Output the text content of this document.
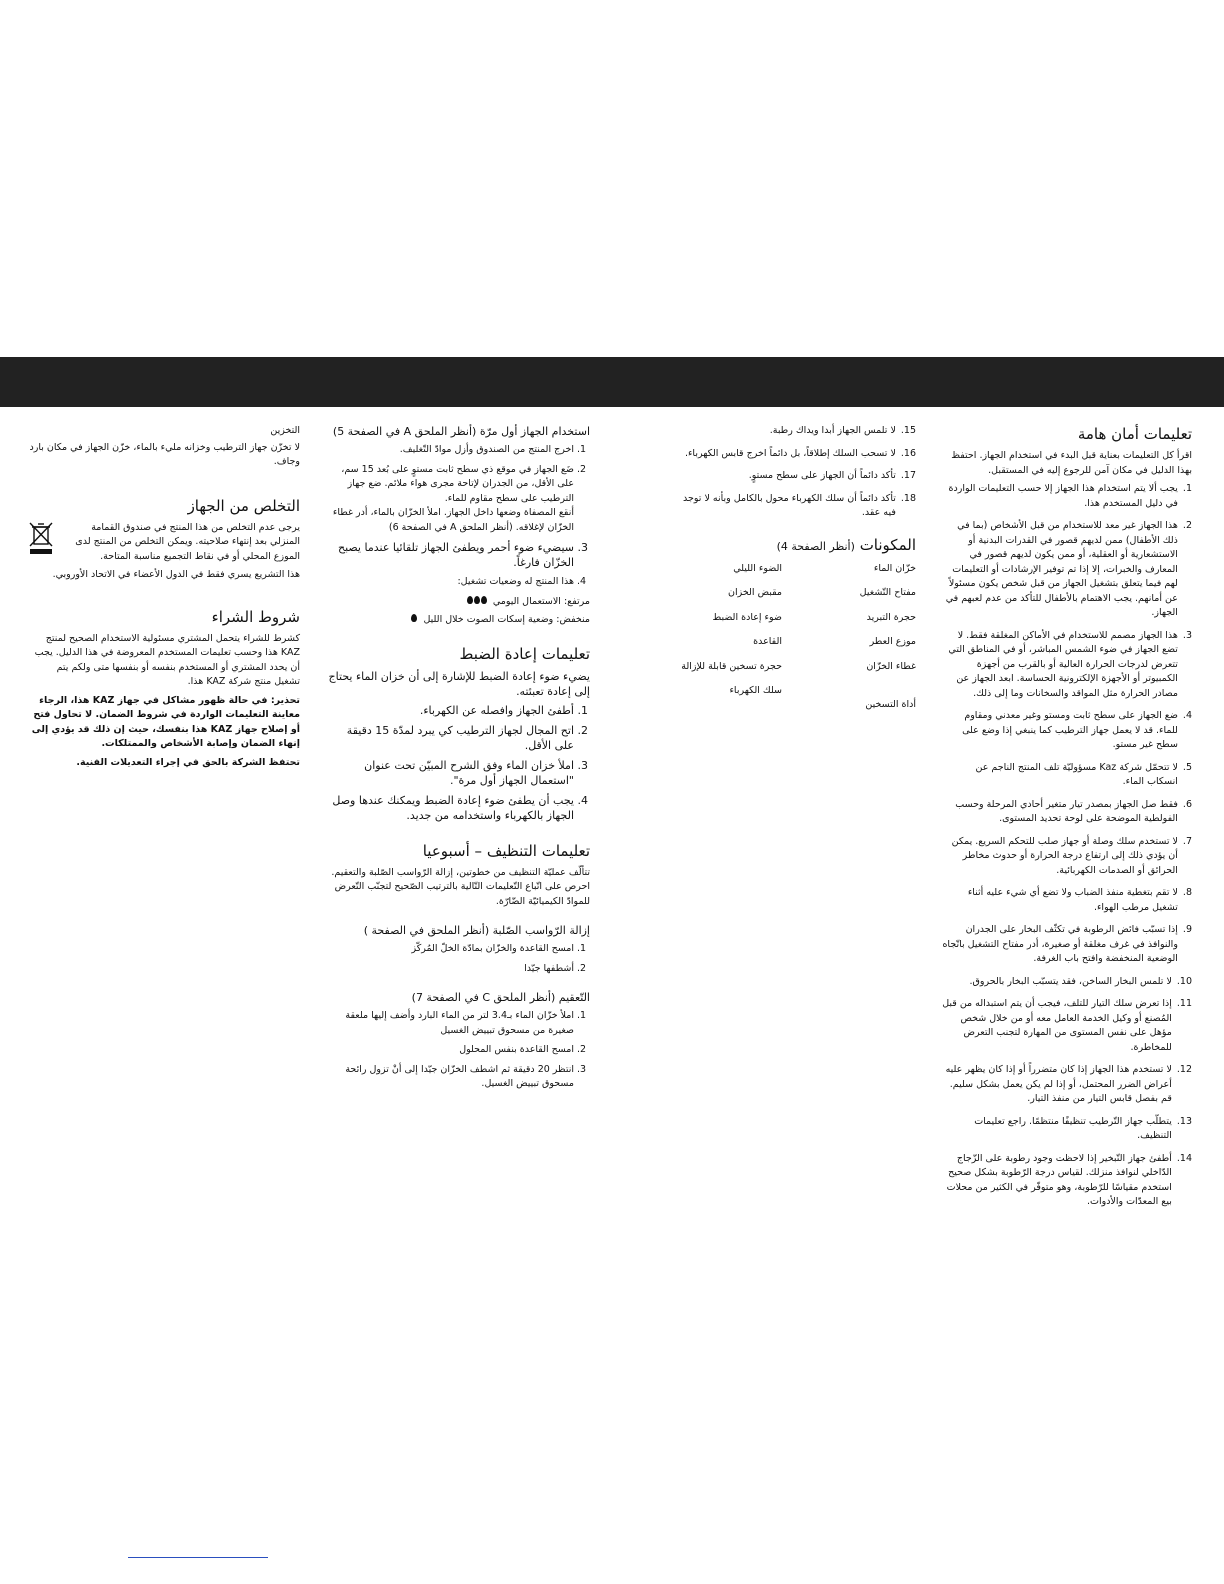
تعليمات أمان هامة

اقرأ كل التعليمات بعناية قبل البدء في استخدام الجهاز. احتفظ بهذا الدليل في مكان آمن للرجوع إليه في المستقبل.

1.
يجب ألا يتم استخدام هذا الجهاز إلا حسب التعليمات الواردة في دليل المستخدم هذا.
2.
هذا الجهاز غير معد للاستخدام من قبل الأشخاص (بما في ذلك الأطفال) ممن لديهم قصور في القدرات البدنية أو الاستشعارية أو العقلية، أو ممن يكون لديهم قصور في المعارف والخبرات، إلا إذا تم توفير الإرشادات أو التعليمات لهم فيما يتعلق بتشغيل الجهاز من قبل شخص يكون مسئولاً عن أمانهم. يجب الاهتمام بالأطفال للتأكد من عدم لعبهم في الجهاز.
3.
هذا الجهاز مصمم للاستخدام في الأماكن المغلقة فقط. لا تضع الجهاز في ضوء الشمس المباشر، أو في المناطق التي تتعرض لدرجات الحرارة العالية أو بالقرب من أجهزة الكمبيوتر أو الأجهزة الإلكترونية الحساسة. ابعد الجهاز عن مصادر الحرارة مثل المواقد والسخانات وما إلى ذلك.
4.
ضع الجهاز على سطح ثابت ومستو وغير معدني ومقاوم للماء. قد لا يعمل جهاز الترطيب كما ينبغي إذا وضع على سطح غير مستو.
5.
لا تتحمّل شركة Kaz مسؤوليّة تلف المنتج الناجم عن انسكاب الماء.
6.
فقط صل الجهاز بمصدر تيار متغير أحادي المرحلة وحسب الفولطية الموضحة على لوحة تحديد المستوى.
7.
لا تستخدم سلك وصلة أو جهاز صلب للتحكم السريع. يمكن أن يؤدي ذلك إلى ارتفاع درجة الحرارة أو حدوث مخاطر الحرائق أو الصدمات الكهربائية.
8.
لا تقم بتغطية منفذ الضباب ولا تضع أي شيء عليه أثناء تشغيل مرطب الهواء.
9.
إذا تسبّب فائض الرطوبة في تكثّف البخار على الجدران والنوافذ في غرف مغلقة أو صغيرة، أدر مفتاح التشغيل باتّجاه الوضعية المنخفضة وافتح باب الغرفة.
10.
لا تلمس البخار الساخن، فقد يتسبّب البخار بالحروق.
11.
إذا تعرض سلك التيار للتلف، فيجب أن يتم استبداله من قبل المُصنع أو وكيل الخدمة العامل معه أو من خلال شخص مؤهل على نفس المستوى من المهارة لتجنب التعرض للمخاطرة.
12.
لا تستخدم هذا الجهاز إذا كان متضرراً أو إذا كان يظهر عليه أعراض الضرر المحتمل، أو إذا لم يكن يعمل بشكل سليم. قم بفصل قابس التيار من منفذ التيار.
13.
يتطلّب جهاز التّرطيب تنظيفًا منتظمًا. راجع تعليمات التنظيف.
14.
أطفئ جهاز التّبخير إذا لاحظت وجود رطوبة على الزّجاج الدّاخلي لنوافذ منزلك. لقياس درجة الرّطوبة بشكل صحيح استخدم مقياسًا للرّطوبة، وهو متوفّر في الكثير من محلات بيع المعدّات والأدوات.
15.
لا تلمس الجهاز أبدا ويداك رطبة.
16.
لا تسحب السلك إطلاقاً، بل دائماً اخرج قابس الكهرباء.
17.
تأكد دائماً أن الجهاز على سطح مستوٍ.
18.
تأكد دائماً أن سلك الكهرباء محول بالكامل وبأنه لا توجد فيه عقد.
المكونات (أنظر الصفحة 4)
خزّان الماء
مفتاح التّشغيل
حجرة التبريد
موزع العطر
غطاء الخزّان
أداة التسخين
الضوء الليلي
مقبض الخزان
ضوء إعادة الضبط
القاعدة
حجرة تسخين قابلة للإزالة
سلك الكهرباء
استخدام الجهاز أول مرّة (أنظر الملحق A في الصفحة 5)
1. اخرج المنتج من الصندوق وأزل موادّ التّغليف.
2. ضَع الجهاز في موقع ذي سطح ثابت مستوٍ على بُعد 15 سم، على الأقل، من الجدران لإتاحة مجرى هواء ملائم. ضع جهاز الترطيب على سطح مقاوم للماء.
أنقع المصفاة وضعها داخل الجهاز. املأ الخزّان بالماء، أدر غطاء الخزّان لإغلاقه. (أنظر الملحق A في الصفحة 6)
3. سيضيء ضوء أحمر ويطفئ الجهاز تلقائيا عندما يصبح الخزّان فارغاً.
4. هذا المنتج له وضعيات تشغيل:
مرتفع: الاستعمال اليومي
منخفض: وضعية إسكات الصوت خلال الليل
تعليمات إعادة الضبط

يضيء ضوء إعادة الضبط للإشارة إلى أن خزان الماء يحتاج إلى إعادة تعبئته.

1. أطفئ الجهاز وافصله عن الكهرباء.
2. اتح المجال لجهاز الترطيب كي يبرد لمدّة 15 دقيقة على الأقل.
3. املأ خزان الماء وفق الشرح المبيّن تحت عنوان "استعمال الجهاز أول مرة".
4. يجب أن يطفئ ضوء إعادة الضبط ويمكنك عندها وصل الجهاز بالكهرباء واستخدامه من جديد.
تعليمات التنظيف – أسبوعيا

تتألّف عمليّة التنظيف من خطوتين، إزالة الرّواسب الصّلبة والتعقيم. احرص على اتّباع التّعليمات التّالية بالترتيب الصّحيح لتجنّب التّعرض للموادّ الكيميائيّة الضّارّة.

إزالة الرّواسب الصّلبة (أنظر الملحق في الصفحة )
1. امسح القاعدة والخزّان بمادّة الخلّ المُركّز
2. أشطفها جيّدا
التّعقيم (أنظر الملحق C في الصفحة 7)
1. املأ خزّان الماء بـ3.4 لتر من الماء البارد وأضف إليها ملعقة صغيرة من مسحوق تبييض الغسيل
2. امسح القاعدة بنفس المحلول
3. انتظر 20 دقيقة ثم اشطف الخزّان جيّدا إلى أنْ تزول رائحة مسحوق تبييض الغسيل.

التخزين

لا تخزّن جهاز الترطيب وخزانه مليء بالماء، خزّن الجهاز في مكان بارد وجاف.

التخلص من الجهاز

يرجى عدم التخلص من هذا المنتج في صندوق القمامة المنزلي بعد إنتهاء صلاحيته. ويمكن التخلص من المنتج لدى الموزع المحلي أو في نقاط التجميع مناسبة المتاحة.

هذا التشريع يسري فقط في الدول الأعضاء في الاتحاد الأوروبي.

شروط الشراء

كشرط للشراء يتحمل المشتري مسئولية الاستخدام الصحيح لمنتج KAZ هذا وحسب تعليمات المستخدم المعروضة في هذا الدليل. يجب أن يحدد المشتري أو المستخدم بنفسه أو بنفسها متى ولكم يتم تشغيل منتج شركة KAZ هذا.

تحذير: في حالة ظهور مشاكل في جهاز KAZ هذا، الرجاء معاينة التعليمات الواردة في شروط الضمان. لا تحاول فتح أو إصلاح جهاز KAZ هذا بنفسك، حيث إن ذلك قد يؤدي إلى إنهاء الضمان وإصابة الأشخاص والممتلكات.

تحتفظ الشركة بالحق في إجراء التعديلات الفنية.
